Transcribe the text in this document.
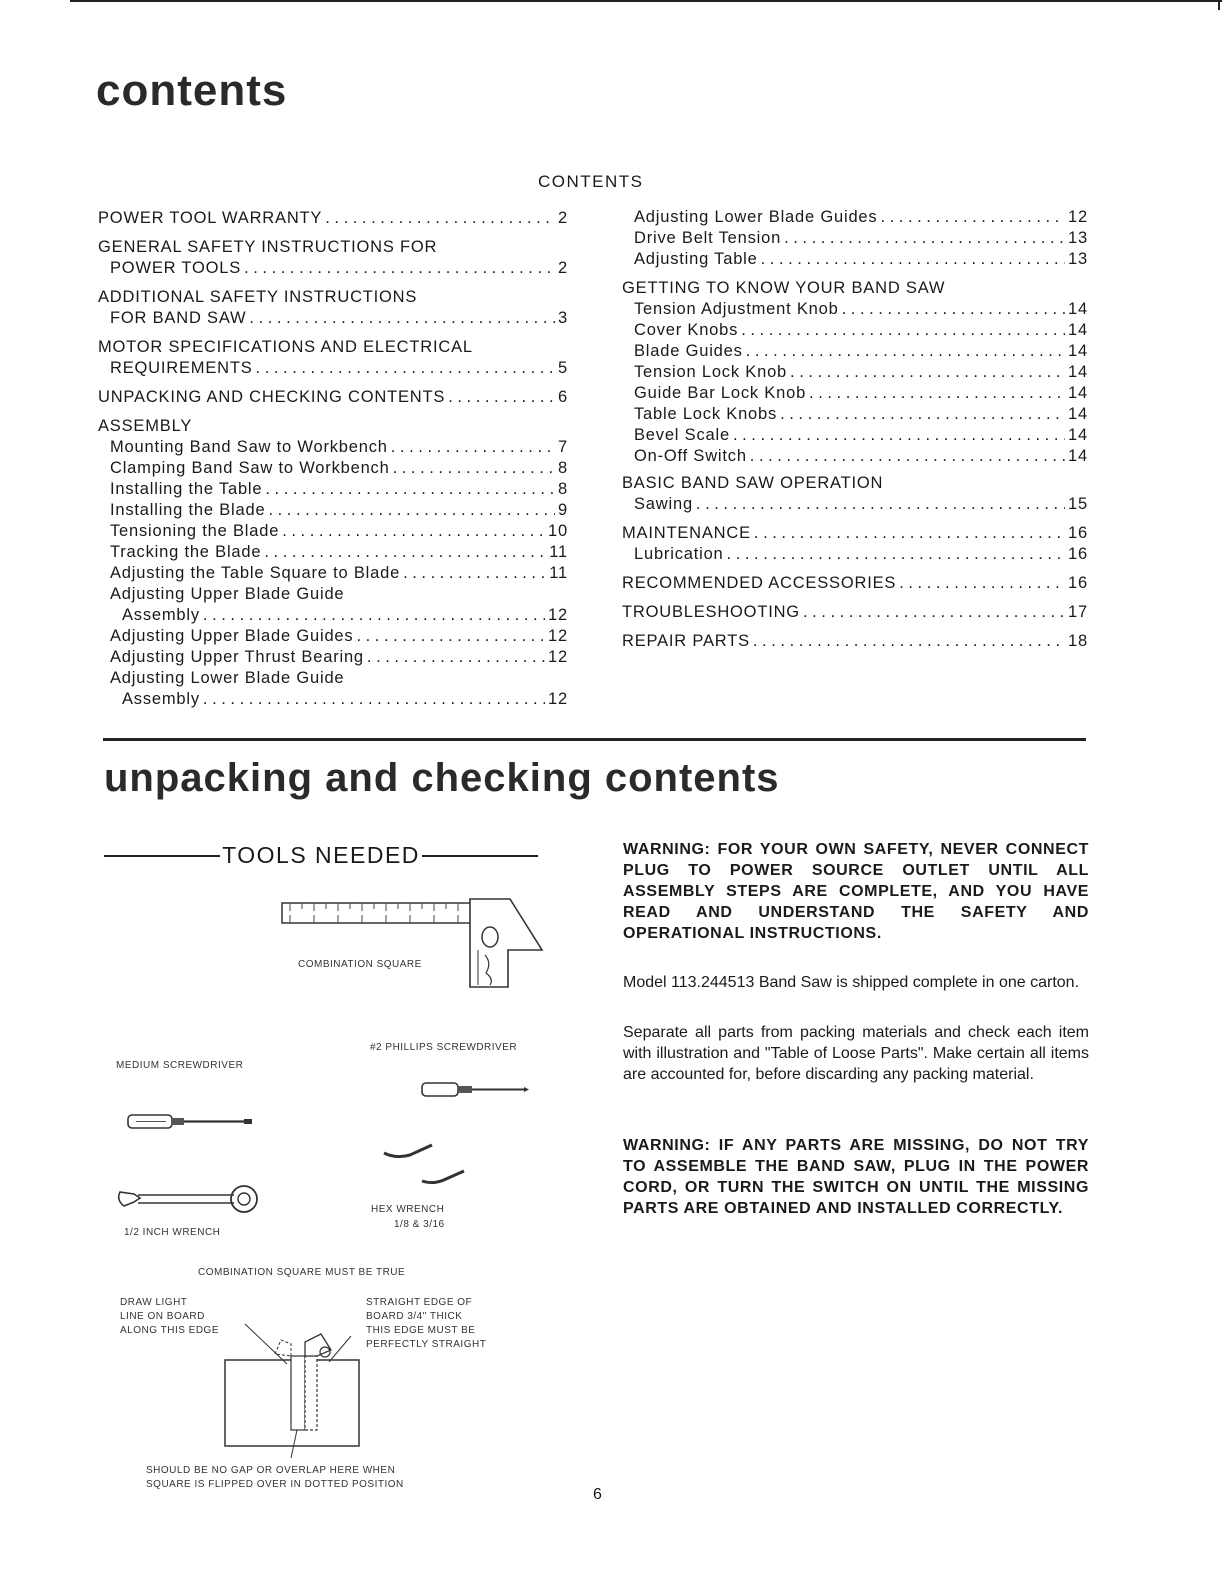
contents
CONTENTS
POWER TOOL WARRANTY . . .	2
GENERAL SAFETY INSTRUCTIONS FOR
POWER TOOLS . . .	2
ADDITIONAL SAFETY INSTRUCTIONS
FOR BAND SAW . . .	3
MOTOR SPECIFICATIONS AND ELECTRICAL
REQUIREMENTS . . .	5
UNPACKING AND CHECKING CONTENTS . . .	6
ASSEMBLY
Mounting Band Saw to Workbench . . .	7
Clamping Band Saw to Workbench . . .	8
Installing the Table . . .	8
Installing the Blade . . .	9
Tensioning the Blade . . .	10
Tracking the Blade . . .	11
Adjusting the Table Square to Blade . . .	11
Adjusting Upper Blade Guide
Assembly . . .	12
Adjusting Upper Blade Guides . . .	12
Adjusting Upper Thrust Bearing . . .	12
Adjusting Lower Blade Guide
Assembly . . .	12
Adjusting Lower Blade Guides . . .	12
Drive Belt Tension . . .	13
Adjusting Table . . .	13
GETTING TO KNOW YOUR BAND SAW
Tension Adjustment Knob . . .	14
Cover Knobs . . .	14
Blade Guides . . .	14
Tension Lock Knob . . .	14
Guide Bar Lock Knob . . .	14
Table Lock Knobs . . .	14
Bevel Scale . . .	14
On-Off Switch . . .	14
BASIC BAND SAW OPERATION
Sawing . . .	15
MAINTENANCE . . .	16
Lubrication . . .	16
RECOMMENDED ACCESSORIES . . .	16
TROUBLESHOOTING . . .	17
REPAIR PARTS . . .	18
unpacking and checking contents
TOOLS NEEDED
COMBINATION SQUARE
#2 PHILLIPS SCREWDRIVER
MEDIUM SCREWDRIVER
HEX WRENCH
1/8 & 3/16
1/2 INCH WRENCH
COMBINATION SQUARE MUST BE TRUE
DRAW LIGHT
LINE ON BOARD
ALONG THIS EDGE
STRAIGHT EDGE OF
BOARD 3/4" THICK
THIS EDGE MUST BE
PERFECTLY STRAIGHT
SHOULD BE NO GAP OR OVERLAP HERE WHEN
SQUARE IS FLIPPED OVER IN DOTTED POSITION

WARNING: FOR YOUR OWN SAFETY, NEVER CONNECT PLUG TO POWER SOURCE OUTLET UNTIL ALL ASSEMBLY STEPS ARE COMPLETE, AND YOU HAVE READ AND UNDERSTAND THE SAFETY AND OPERATIONAL INSTRUCTIONS.

Model 113.244513 Band Saw is shipped complete in one carton.

Separate all parts from packing materials and check each item with illustration and "Table of Loose Parts". Make certain all items are accounted for, before discarding any packing material.

WARNING: IF ANY PARTS ARE MISSING, DO NOT TRY TO ASSEMBLE THE BAND SAW, PLUG IN THE POWER CORD, OR TURN THE SWITCH ON UNTIL THE MISSING PARTS ARE OBTAINED AND INSTALLED CORRECTLY.

6
